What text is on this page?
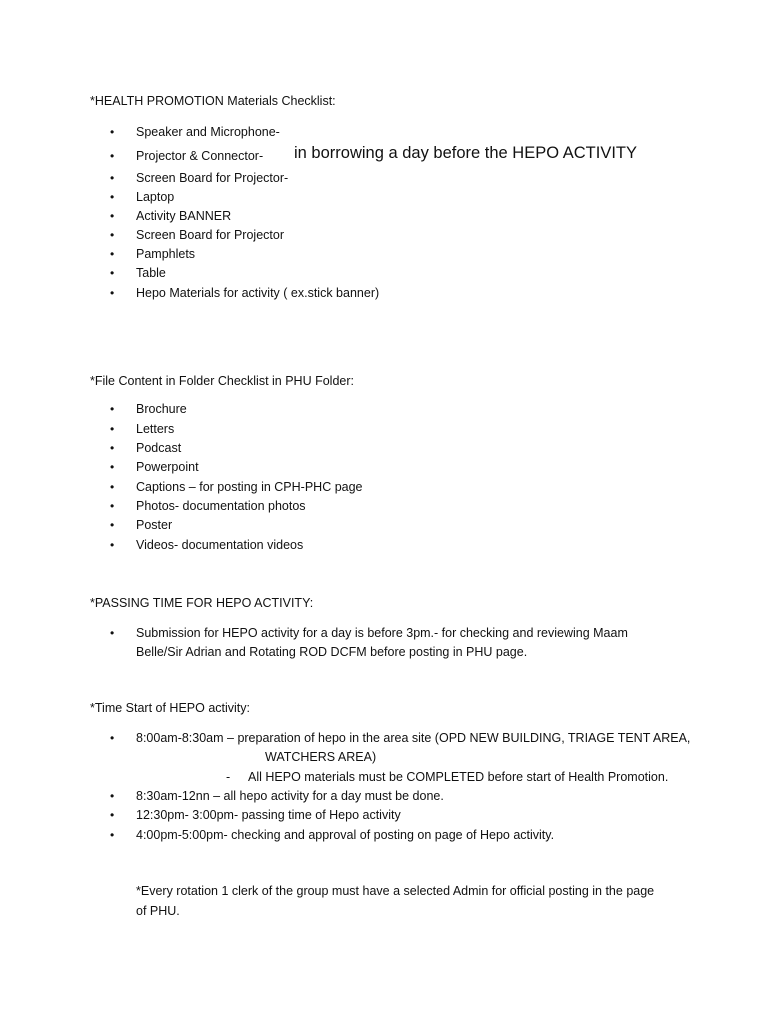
*HEALTH PROMOTION Materials Checklist:
• Speaker and Microphone-
• Projector & Connector-
• Screen Board for Projector-
• Laptop
• Activity BANNER
• Screen Board for Projector
• Pamphlets
• Table
• Hepo Materials for activity ( ex.stick banner)
in borrowing a day before the HEPO ACTIVITY
*File Content in Folder Checklist in PHU Folder:
• Brochure
• Letters
• Podcast
• Powerpoint
• Captions – for posting in CPH-PHC page
• Photos- documentation photos
• Poster
• Videos- documentation videos
*PASSING TIME FOR HEPO ACTIVITY:
• Submission for HEPO activity for a day is before 3pm.- for checking and reviewing Maam
Belle/Sir Adrian and Rotating ROD DCFM before posting in PHU page.
*Time Start of HEPO activity:
• 8:00am-8:30am – preparation of hepo in the area site (OPD NEW BUILDING, TRIAGE TENT AREA,
WATCHERS AREA)
- All HEPO materials must be COMPLETED before start of Health Promotion.
• 8:30am-12nn – all hepo activity for a day must be done.
• 12:30pm- 3:00pm- passing time of Hepo activity
• 4:00pm-5:00pm- checking and approval of posting on page of Hepo activity.
*Every rotation 1 clerk of the group must have a selected Admin for official posting in the page
of PHU.
